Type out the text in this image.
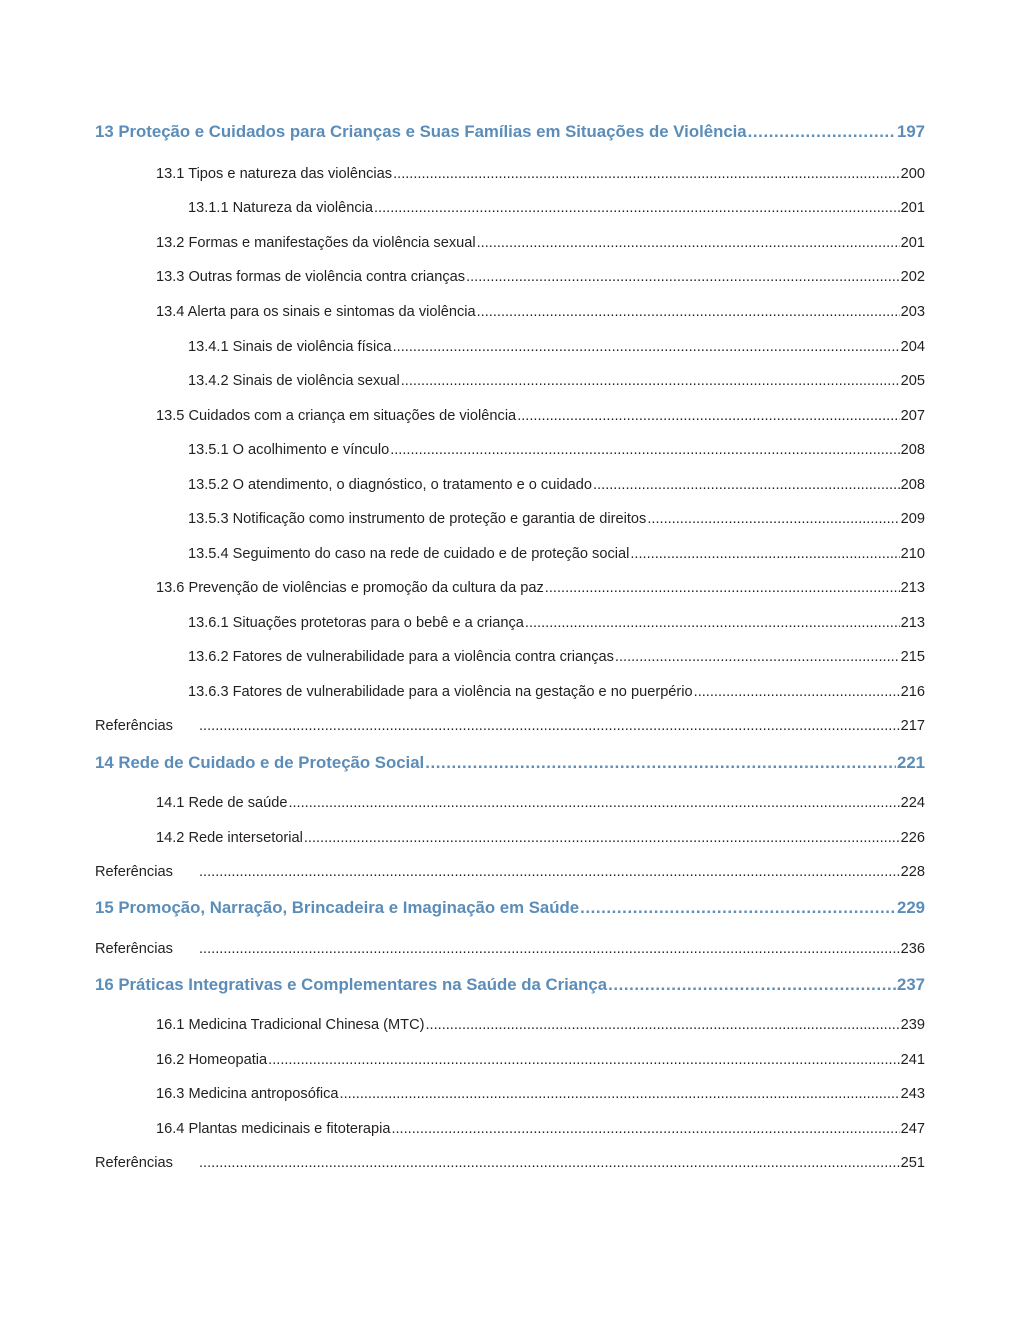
13 Proteção e Cuidados para Crianças e Suas Famílias em Situações de Violência .....	197
13.1 Tipos e natureza das violências .....	200
13.1.1 Natureza da violência .....	201
13.2 Formas e manifestações da violência sexual .....	201
13.3 Outras formas de violência contra crianças .....	202
13.4 Alerta para os sinais e sintomas da violência .....	203
13.4.1 Sinais de violência física .....	204
13.4.2 Sinais de violência sexual .....	205
13.5 Cuidados com a criança em situações de violência .....	207
13.5.1 O acolhimento e vínculo .....	208
13.5.2 O atendimento, o diagnóstico, o tratamento e o cuidado .....	208
13.5.3 Notificação como instrumento de proteção e garantia de direitos .....	209
13.5.4 Seguimento do caso na rede de cuidado e de proteção social .....	210
13.6 Prevenção de violências e promoção da cultura da paz .....	213
13.6.1 Situações protetoras para o bebê e a criança .....	213
13.6.2 Fatores de vulnerabilidade para a violência contra crianças .....	215
13.6.3 Fatores de vulnerabilidade para a violência na gestação e no puerpério .....	216
Referências .....	217
14 Rede de Cuidado e de Proteção Social .....	221
14.1 Rede de saúde .....	224
14.2 Rede intersetorial .....	226
Referências .....	228
15 Promoção, Narração, Brincadeira e Imaginação em Saúde .....	229
Referências .....	236
16 Práticas Integrativas e Complementares na Saúde da Criança .....	237
16.1 Medicina Tradicional Chinesa (MTC) .....	239
16.2 Homeopatia .....	241
16.3 Medicina antroposófica .....	243
16.4 Plantas medicinais e fitoterapia .....	247
Referências .....	251
